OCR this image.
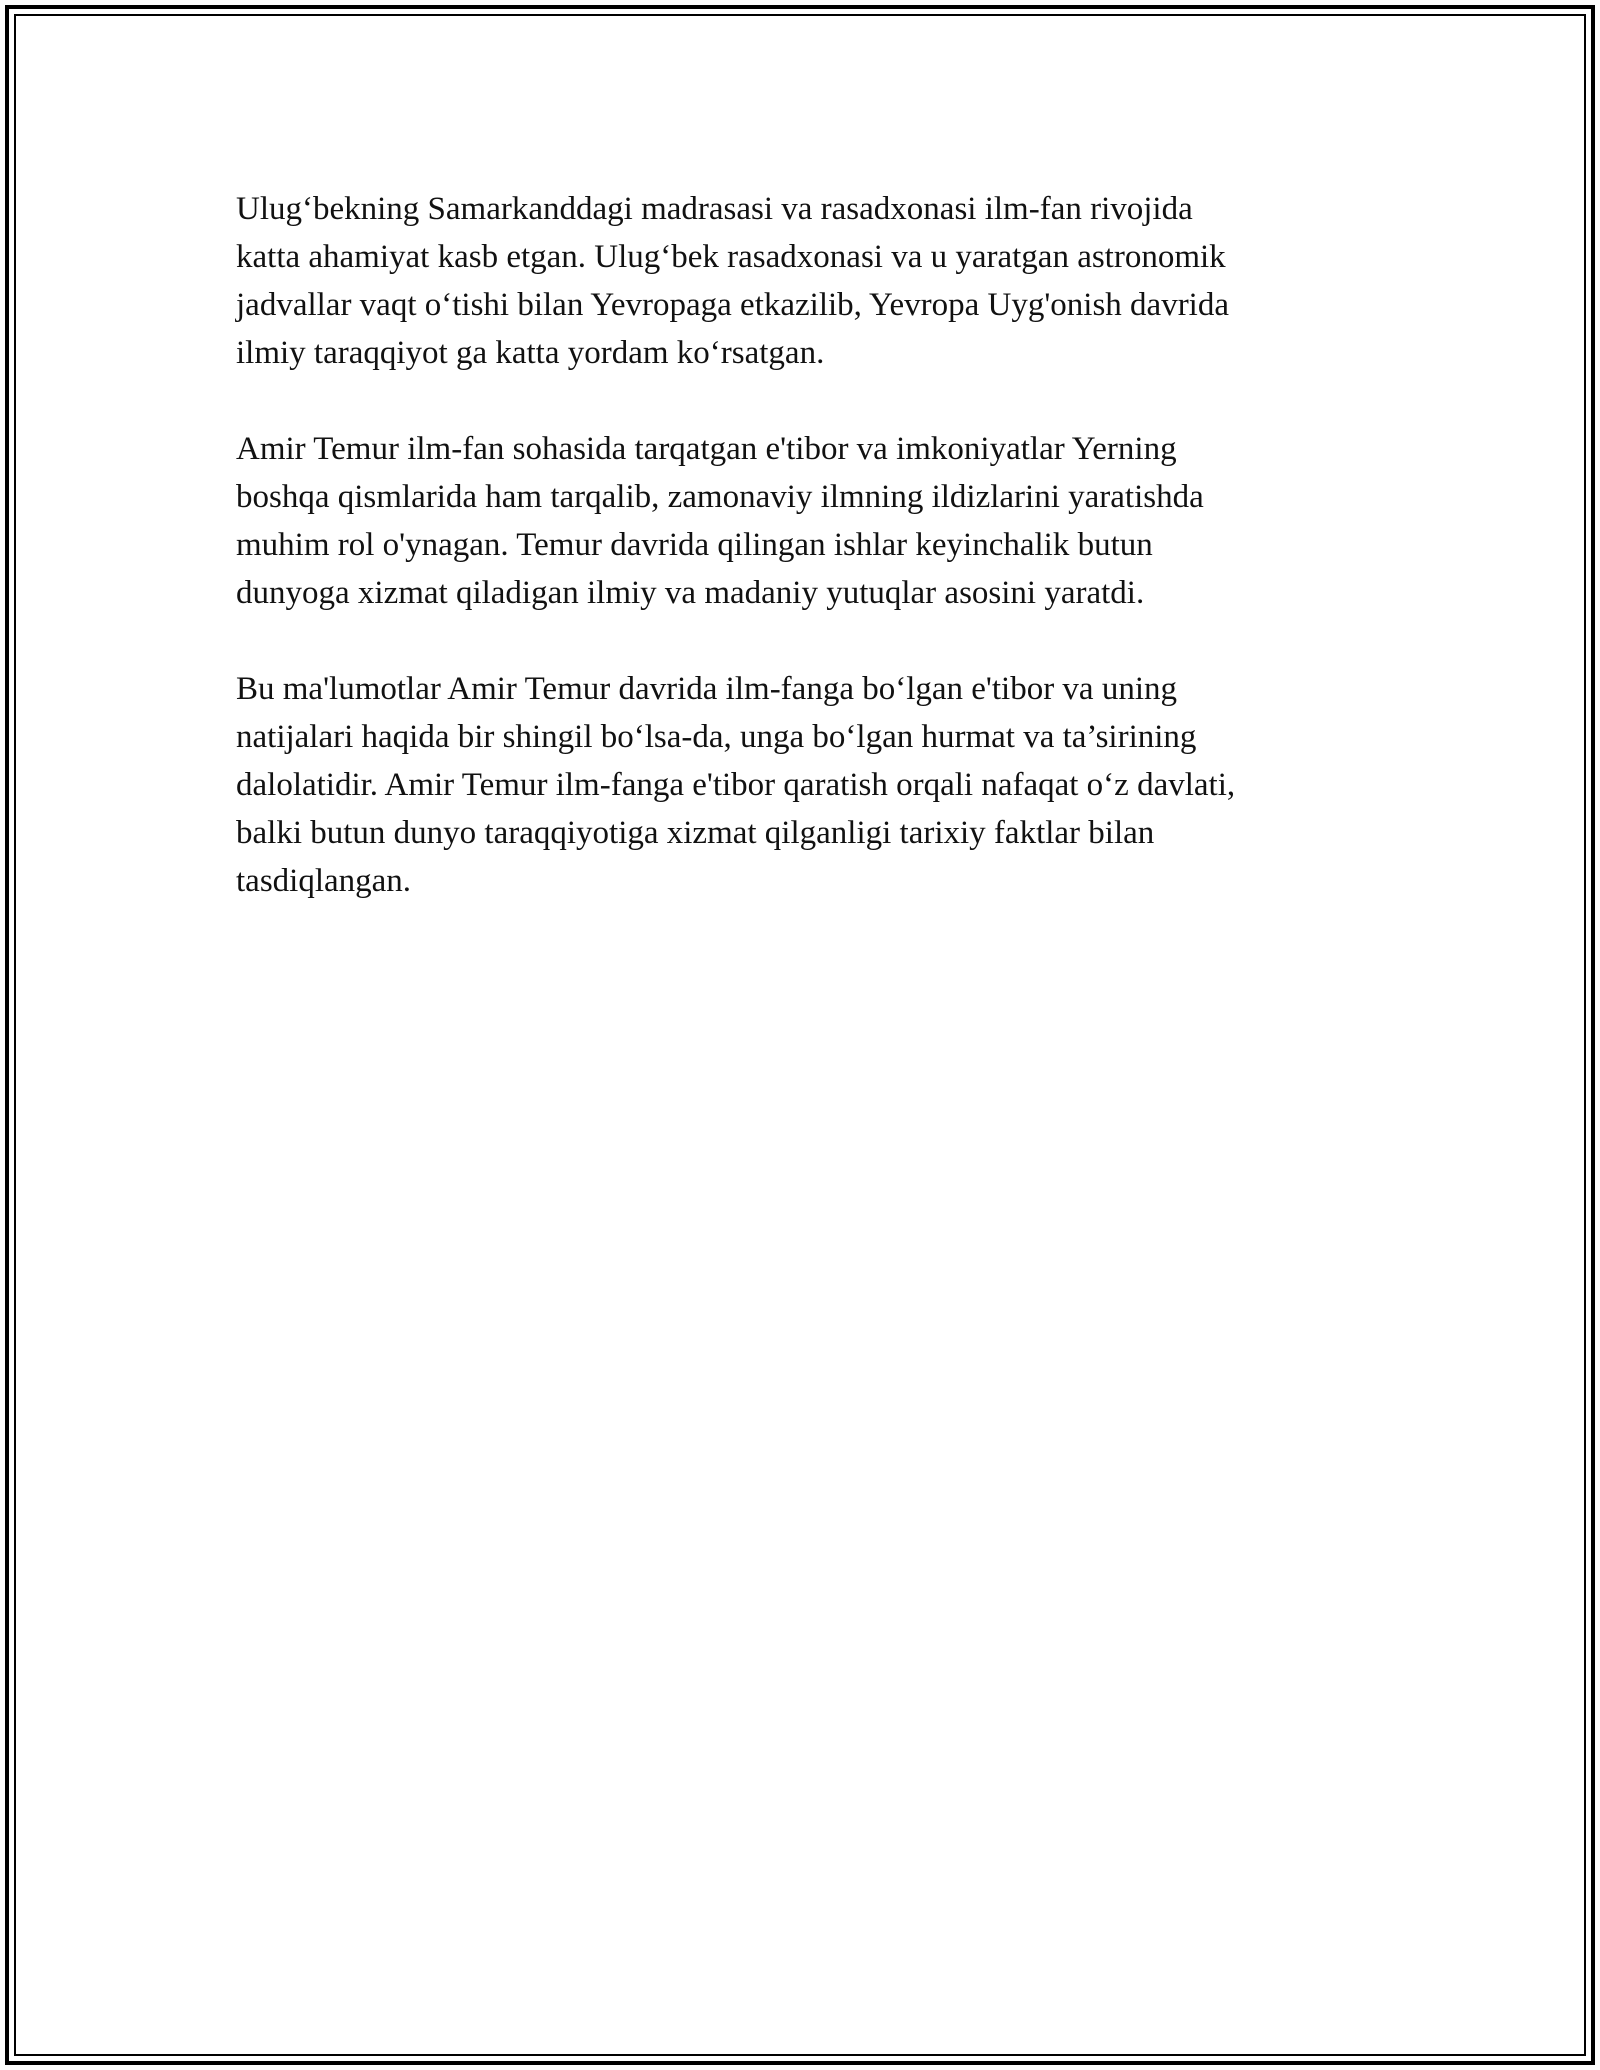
Ulug‘bekning Samarkanddagi madrasasi va rasadxonasi ilm-fan rivojida
katta ahamiyat kasb etgan. Ulug‘bek rasadxonasi va u yaratgan astronomik
jadvallar vaqt o‘tishi bilan Yevropaga etkazilib, Yevropa Uyg'onish davrida
ilmiy taraqqiyot ga katta yordam ko‘rsatgan.

Amir Temur ilm-fan sohasida tarqatgan e'tibor va imkoniyatlar Yerning
boshqa qismlarida ham tarqalib, zamonaviy ilmning ildizlarini yaratishda
muhim rol o'ynagan. Temur davrida qilingan ishlar keyinchalik butun
dunyoga xizmat qiladigan ilmiy va madaniy yutuqlar asosini yaratdi.

Bu ma'lumotlar Amir Temur davrida ilm-fanga bo‘lgan e'tibor va uning
natijalari haqida bir shingil bo‘lsa-da, unga bo‘lgan hurmat va ta’sirining
dalolatidir. Amir Temur ilm-fanga e'tibor qaratish orqali nafaqat o‘z davlati,
balki butun dunyo taraqqiyotiga xizmat qilganligi tarixiy faktlar bilan
tasdiqlangan.
